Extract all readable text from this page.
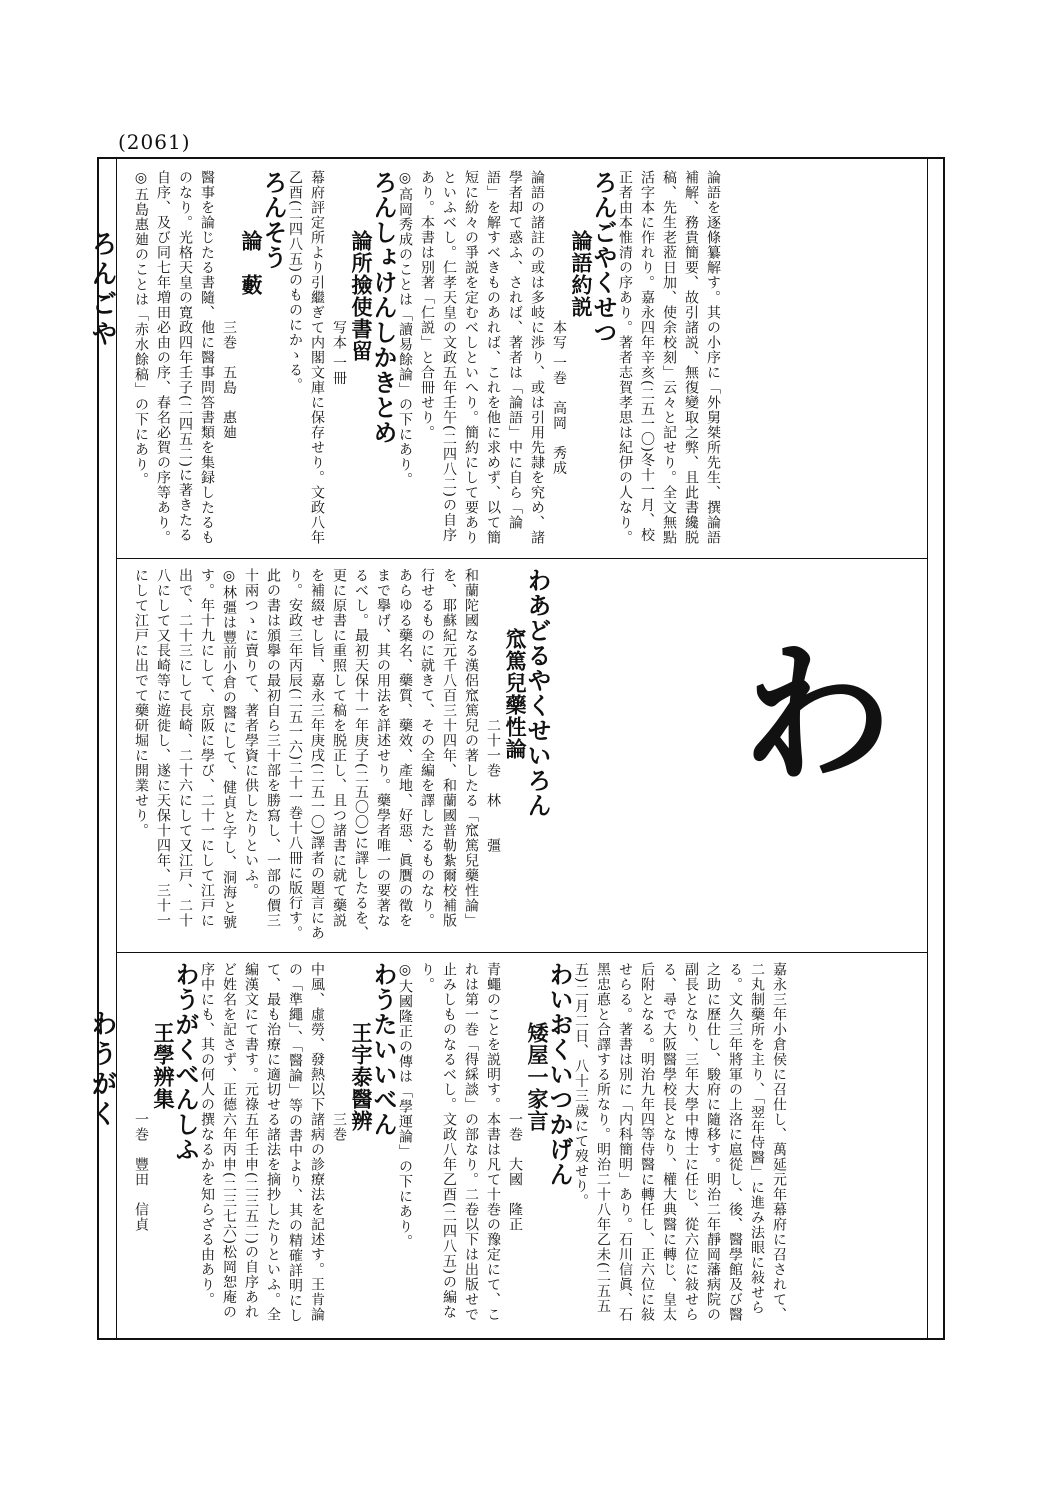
(2061)
ろんごや
わうがく
わ

論語を逐條纂解す。其の小序に「外舅桀所先生、撰論語補解、務貴簡要、故引諸説、無復變取之弊、且此書纔脱稿、先生老蒞日加、使余校刻」云々と記せり。全文無點活字本に作れり。嘉永四年辛亥(二五一〇)冬十一月、校正者由本惟清の序あり。著者志賀孝思は紀伊の人なり。

ろんごやくせつ

論語約説

本写 一巻　高岡　秀成

論語の諸註の或は多岐に渉り、或は引用先隷を究め、諸學者却て惑ふ、されば、著者は「論語」中に自ら「論語」を解すべきものあれば、これを他に求めず、以て簡短に紛々の爭説を定むべしといへり。簡約にして要ありといふべし。仁孝天皇の文政五年壬午(二四八二)の自序あり。本書は別著「仁説」と合冊せり。

◎高岡秀成のことは「讀易餘論」の下にあり。

ろんしょけんしかきとめ

論所撿使書留

写本 一冊

幕府評定所より引繼ぎて内閣文庫に保存せり。文政八年乙酉(二四八五)のものにかゝる。

ろんそう

論　藪

三巻　五島　惠廸

醫事を論じたる書隨、他に醫事問答書類を集録したるものなり。光格天皇の寛政四年壬子(二四五二)に著きたる自序、及び同七年増田必由の序、春名必賀の序等あり。

◎五島惠廸のことは「赤水餘稿」の下にあり。

わあどるやくせいろん

窊篤兒藥性論

二十一巻　林　　彊

和蘭陀國なる漢侶窊篤兒の著したる「窊篤兒藥性論」を、耶蘇紀元千八百三十四年、和蘭國普勒紮爾校補版行せるものに就きて、その全編を譯したるものなり。あらゆる藥名、藥質、藥效、產地、好惡、眞贋の徵をまで擧げ、其の用法を詳述せり。藥學者唯一の要著なるべし。最初天保十一年庚子(二五〇〇)に譯したるを、更に原書に重照して稿を脱正し、且つ諸書に就て藥説を補綴せし旨、嘉永三年庚戌(二五一〇)譯者の題言にあり。安政三年丙辰(二五一六)二十一巻十八冊に版行す。此の書は頒擧の最初自ら三十部を勝寫し、一部の價三十兩つゝに賣りて、著者學資に供したりといふ。

◎林彊は豐前小倉の醫にして、健貞と字し、洞海と號す。年十九にして、京阪に學び、二十一にして江戸に出で、二十三にして長崎、二十六にして又江戸、二十八にして又長崎等に遊徙し、遂に天保十四年、三十一にして江戸に出でて藥研堀に開業せり。

嘉永三年小倉侯に召仕し、萬延元年幕府に召されて、二丸制藥所を主り、「翌年侍醫」に進み法眼に敍せらる。文久三年將軍の上洛に扈從し、後、醫學館及び醫之助に歷仕し、駿府に隨移す。明治二年靜岡藩病院の副長となり、三年大學中博士に任じ、從六位に敍せらる、尋で大阪醫學校長となり、權大典醫に轉じ、皇太后附となる。明治九年四等侍醫に轉任し、正六位に敍せらる。著書は別に「内科簡明」あり。石川信眞、石黑忠悳と合譯する所なり。明治二十八年乙未(二五五五)二月二日、八十三歲にて歿せり。

わいおくいつかげん

矮屋一家言

一巻　大國　隆正

青蠅のことを説明す。本書は凡て十巻の豫定にて、これは第一巻「得綵談」の部なり。二卷以下は出版せで止みしものなるべし。文政八年乙酉(二四八五)の編なり。

◎大國隆正の傳は「學運論」の下にあり。

わうたいいべん

王宇泰醫辨

三巻

中風、虛勞、發熱以下諸病の診療法を記述す。王肯論の「準繩」、「醫論」等の書中より、其の精確詳明にして、最も治療に適切せる諸法を摘抄したりといふ。全編漢文にて書す。元祿五年壬申(二三五二)の自序あれど姓名を記さず、正德六年丙申(二三七六)松岡恕庵の序中にも、其の何人の撰なるかを知らざる由あり。

わうがくべんしふ

王學辨集

一巻　豐田　信貞
